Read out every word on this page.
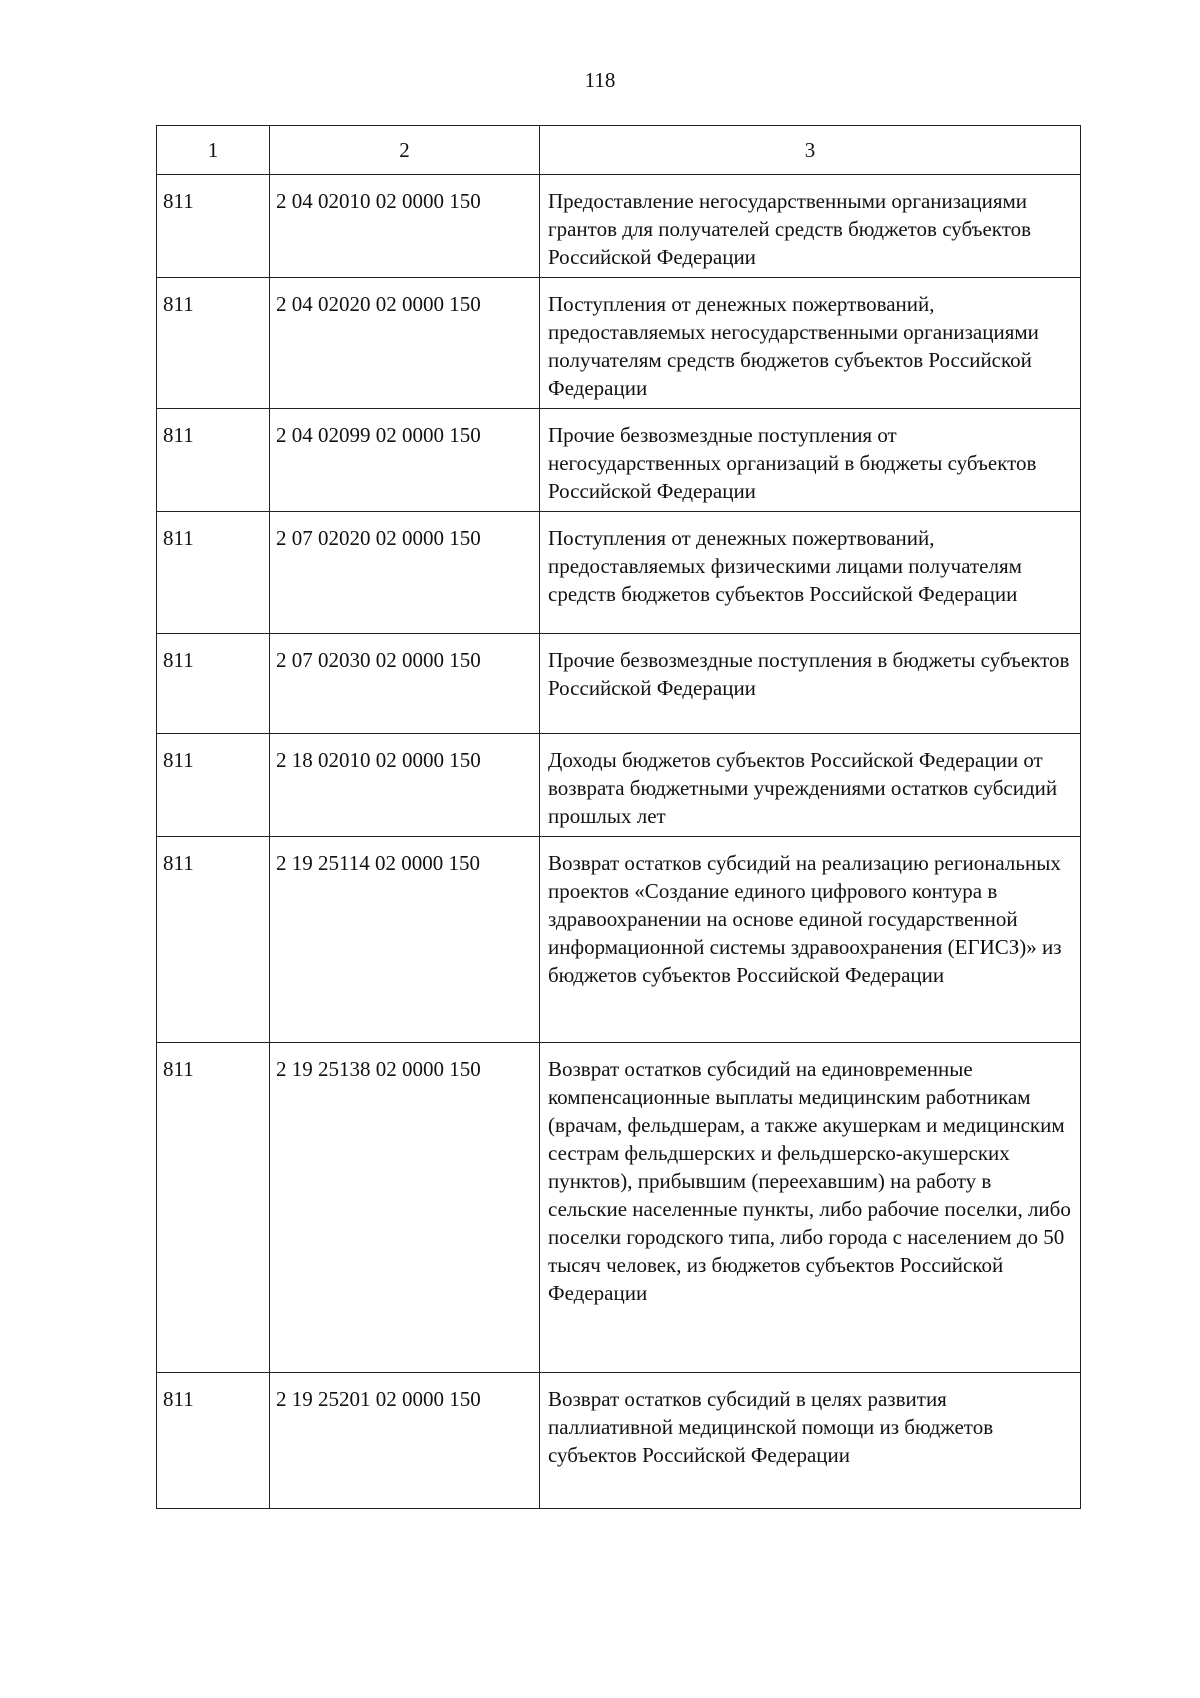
118
1	2	3
811	2 04 02010 02 0000 150	Предоставление негосударственными организациями грантов для получателей средств бюджетов субъектов Российской Федерации
811	2 04 02020 02 0000 150	Поступления от денежных пожертвований, предоставляемых негосударственными организациями получателям средств бюджетов субъектов Российской Федерации
811	2 04 02099 02 0000 150	Прочие безвозмездные поступления от негосударственных организаций в бюджеты субъектов Российской Федерации
811	2 07 02020 02 0000 150	Поступления от денежных пожертвований, предоставляемых физическими лицами получателям средств бюджетов субъектов Российской Федерации
811	2 07 02030 02 0000 150	Прочие безвозмездные поступления в бюджеты субъектов Российской Федерации
811	2 18 02010 02 0000 150	Доходы бюджетов субъектов Российской Федерации от возврата бюджетными учреждениями остатков субсидий прошлых лет
811	2 19 25114 02 0000 150	Возврат остатков субсидий на реализацию региональных проектов «Создание единого цифрового контура в здравоохранении на основе единой государственной информационной системы здравоохранения (ЕГИСЗ)» из бюджетов субъектов Российской Федерации
811	2 19 25138 02 0000 150	Возврат остатков субсидий на единовременные компенсационные выплаты медицинским работникам (врачам, фельдшерам, а также акушеркам и медицинским сестрам фельдшерских и фельдшерско-акушерских пунктов), прибывшим (переехавшим) на работу в сельские населенные пункты, либо рабочие поселки, либо поселки городского типа, либо города с населением до 50 тысяч человек, из бюджетов субъектов Российской Федерации
811	2 19 25201 02 0000 150	Возврат остатков субсидий в целях развития паллиативной медицинской помощи из бюджетов субъектов Российской Федерации
